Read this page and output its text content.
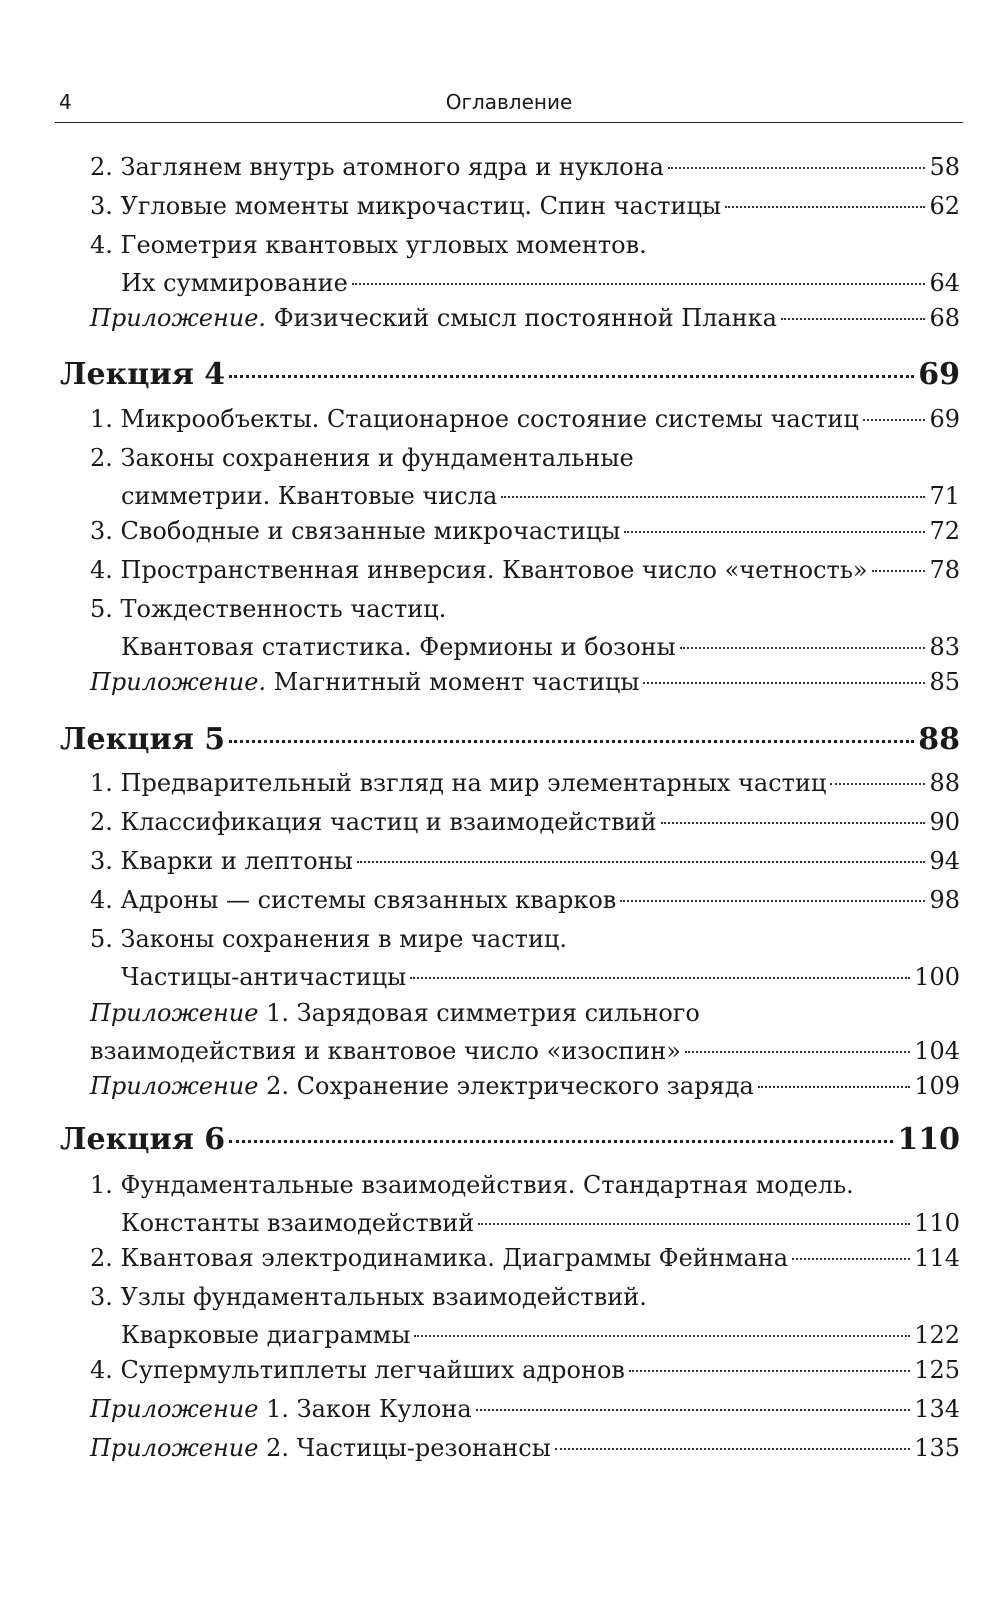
4	Оглавление
2.
Заглянем внутрь атомного ядра и нуклона	58
3.
Угловые моменты микрочастиц. Спин частицы	62
4. Геометрия квантовых угловых моментов.
Их суммирование	64
Приложение.
Физический смысл постоянной Планка	68
Лекция 4	69
1.
Микрообъекты. Стационарное состояние системы частиц	69
2. Законы сохранения и фундаментальные
симметрии. Квантовые числа	71
3.
Свободные и связанные микрочастицы	72
4.
Пространственная инверсия. Квантовое число «четность»	78
5. Тождественность частиц.
Квантовая статистика. Фермионы и бозоны	83
Приложение.
Магнитный момент частицы	85
Лекция 5	88
1.
Предварительный взгляд на мир элементарных частиц	88
2.
Классификация частиц и взаимодействий	90
3.
Кварки и лептоны	94
4.
Адроны — системы связанных кварков	98
5. Законы сохранения в мире частиц.
Частицы-античастицы	100
Приложение 1. Зарядовая симметрия сильного
взаимодействия и квантовое число «изоспин»	104
Приложение
2.
Сохранение электрического заряда	109
Лекция 6	110
1. Фундаментальные взаимодействия. Стандартная модель.
Константы взаимодействий	110
2.
Квантовая электродинамика. Диаграммы Фейнмана	114
3. Узлы фундаментальных взаимодействий.
Кварковые диаграммы	122
4.
Супермультиплеты легчайших адронов	125
Приложение
1.
Закон Кулона	134
Приложение
2.
Частицы-резонансы	135
